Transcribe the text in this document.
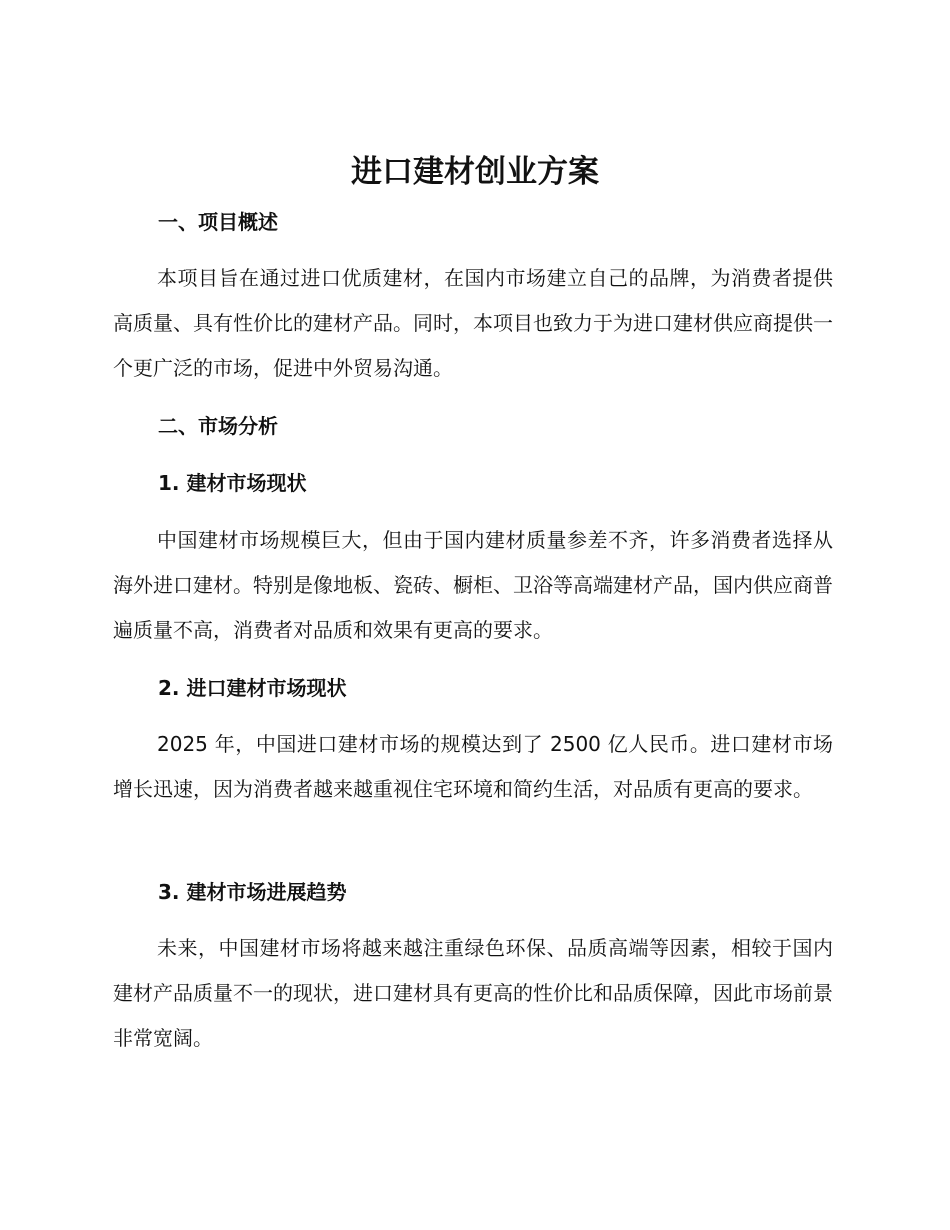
进口建材创业方案
一、项目概述

本项目旨在通过进口优质建材，在国内市场建立自己的品牌，为消费者提供高质量、具有性价比的建材产品。同时，本项目也致力于为进口建材供应商提供一个更广泛的市场，促进中外贸易沟通。

二、市场分析
1. 建材市场现状

中国建材市场规模巨大，但由于国内建材质量参差不齐，许多消费者选择从海外进口建材。特别是像地板、瓷砖、橱柜、卫浴等高端建材产品，国内供应商普遍质量不高，消费者对品质和效果有更高的要求。

2. 进口建材市场现状

2025 年，中国进口建材市场的规模达到了 2500 亿人民币。进口建材市场增长迅速，因为消费者越来越重视住宅环境和简约生活，对品质有更高的要求。

3. 建材市场进展趋势

未来，中国建材市场将越来越注重绿色环保、品质高端等因素，相较于国内建材产品质量不一的现状，进口建材具有更高的性价比和品质保障，因此市场前景非常宽阔。
